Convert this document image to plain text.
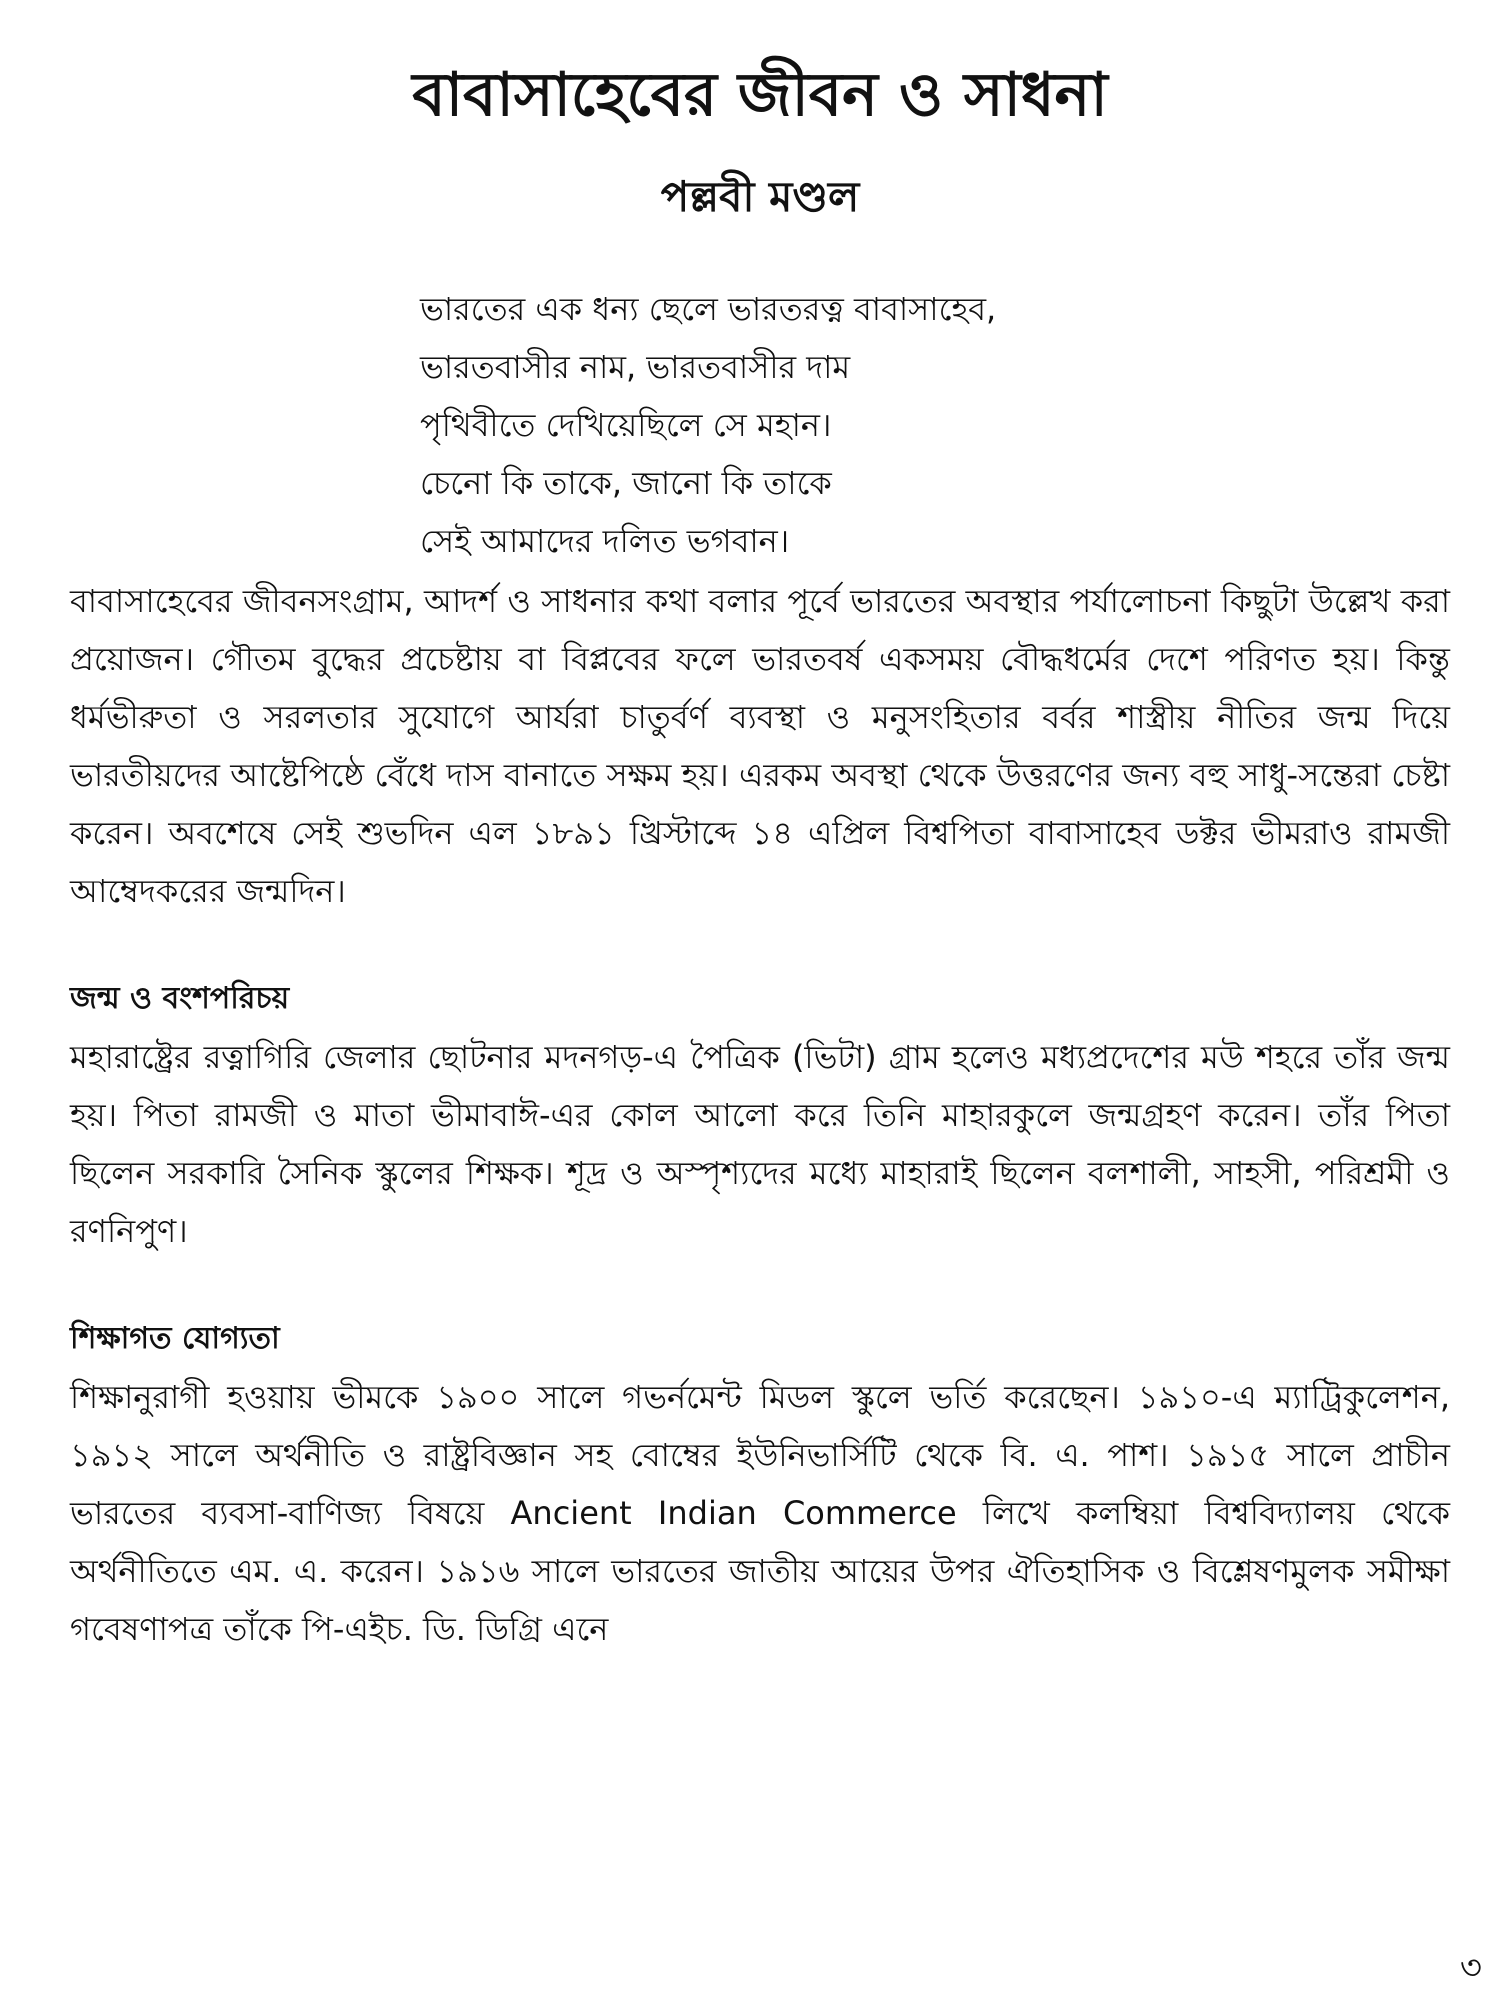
বাবাসাহেবের জীবন ও সাধনা
পল্লবী মণ্ডল
ভারতের এক ধন্য ছেলে ভারতরত্ন বাবাসাহেব,
ভারতবাসীর নাম, ভারতবাসীর দাম
পৃথিবীতে দেখিয়েছিলে সে মহান।
চেনো কি তাকে, জানো কি তাকে
সেই আমাদের দলিত ভগবান।

বাবাসাহেবের জীবনসংগ্রাম, আদর্শ ও সাধনার কথা বলার পূর্বে ভারতের অবস্থার পর্যালোচনা কিছুটা উল্লেখ করা প্রয়োজন। গৌতম বুদ্ধের প্রচেষ্টায় বা বিপ্লবের ফলে ভারতবর্ষ একসময় বৌদ্ধধর্মের দেশে পরিণত হয়। কিন্তু ধর্মভীরুতা ও সরলতার সুযোগে আর্যরা চাতুর্বর্ণ ব্যবস্থা ও মনুসংহিতার বর্বর শাস্ত্রীয় নীতির জন্ম দিয়ে ভারতীয়দের আষ্টেপিষ্ঠে বেঁধে দাস বানাতে সক্ষম হয়। এরকম অবস্থা থেকে উত্তরণের জন্য বহু সাধু-সন্তেরা চেষ্টা করেন। অবশেষে সেই শুভদিন এল ১৮৯১ খ্রিস্টাব্দে ১৪ এপ্রিল বিশ্বপিতা বাবাসাহেব ডক্টর ভীমরাও রামজী আম্বেদকরের জন্মদিন।

জন্ম ও বংশপরিচয়

মহারাষ্ট্রের রত্নাগিরি জেলার ছোটনার মদনগড়-এ পৈত্রিক (ভিটা) গ্রাম হলেও মধ্যপ্রদেশের মউ শহরে তাঁর জন্ম হয়। পিতা রামজী ও মাতা ভীমাবাঈ-এর কোল আলো করে তিনি মাহারকুলে জন্মগ্রহণ করেন। তাঁর পিতা ছিলেন সরকারি সৈনিক স্কুলের শিক্ষক। শূদ্র ও অস্পৃশ্যদের মধ্যে মাহারাই ছিলেন বলশালী, সাহসী, পরিশ্রমী ও রণনিপুণ।

শিক্ষাগত যোগ্যতা

শিক্ষানুরাগী হওয়ায় ভীমকে ১৯০০ সালে গভর্নমেন্ট মিডল স্কুলে ভর্তি করেছেন। ১৯১০-এ ম্যাট্রিকুলেশন, ১৯১২ সালে অর্থনীতি ও রাষ্ট্রবিজ্ঞান সহ বোম্বের ইউনিভার্সিটি থেকে বি. এ. পাশ। ১৯১৫ সালে প্রাচীন ভারতের ব্যবসা-বাণিজ্য বিষয়ে Ancient Indian Commerce লিখে কলম্বিয়া বিশ্ববিদ্যালয় থেকে অর্থনীতিতে এম. এ. করেন। ১৯১৬ সালে ভারতের জাতীয় আয়ের উপর ঐতিহাসিক ও বিশ্লেষণমুলক সমীক্ষা গবেষণাপত্র তাঁকে পি-এইচ. ডি. ডিগ্রি এনে

৩
